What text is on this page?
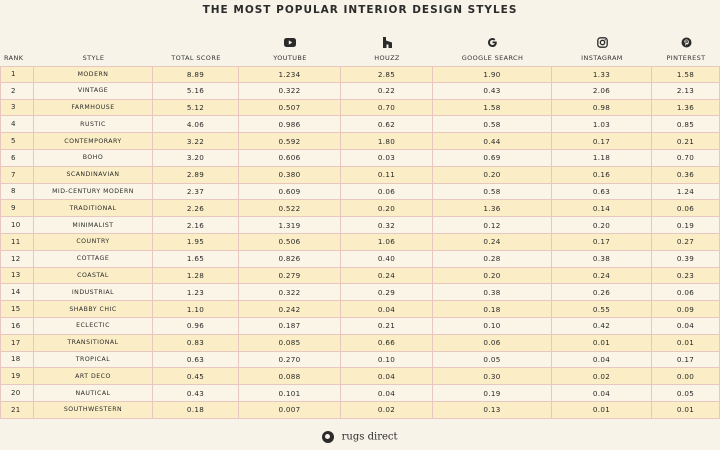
THE MOST POPULAR INTERIOR DESIGN STYLES
RANK	STYLE	TOTAL SCORE	YOUTUBE	HOUZZ	GOOGLE SEARCH	INSTAGRAM	PINTEREST
1	MODERN	8.89	1.234	2.85	1.90	1.33	1.58
2	VINTAGE	5.16	0.322	0.22	0.43	2.06	2.13
3	FARMHOUSE	5.12	0.507	0.70	1.58	0.98	1.36
4	RUSTIC	4.06	0.986	0.62	0.58	1.03	0.85
5	CONTEMPORARY	3.22	0.592	1.80	0.44	0.17	0.21
6	BOHO	3.20	0.606	0.03	0.69	1.18	0.70
7	SCANDINAVIAN	2.89	0.380	0.11	0.20	0.16	0.36
8	MID-CENTURY MODERN	2.37	0.609	0.06	0.58	0.63	1.24
9	TRADITIONAL	2.26	0.522	0.20	1.36	0.14	0.06
10	MINIMALIST	2.16	1.319	0.32	0.12	0.20	0.19
11	COUNTRY	1.95	0.506	1.06	0.24	0.17	0.27
12	COTTAGE	1.65	0.826	0.40	0.28	0.38	0.39
13	COASTAL	1.28	0.279	0.24	0.20	0.24	0.23
14	INDUSTRIAL	1.23	0.322	0.29	0.38	0.26	0.06
15	SHABBY CHIC	1.10	0.242	0.04	0.18	0.55	0.09
16	ECLECTIC	0.96	0.187	0.21	0.10	0.42	0.04
17	TRANSITIONAL	0.83	0.085	0.66	0.06	0.01	0.01
18	TROPICAL	0.63	0.270	0.10	0.05	0.04	0.17
19	ART DECO	0.45	0.088	0.04	0.30	0.02	0.00
20	NAUTICAL	0.43	0.101	0.04	0.19	0.04	0.05
21	SOUTHWESTERN	0.18	0.007	0.02	0.13	0.01	0.01
rugs direct
